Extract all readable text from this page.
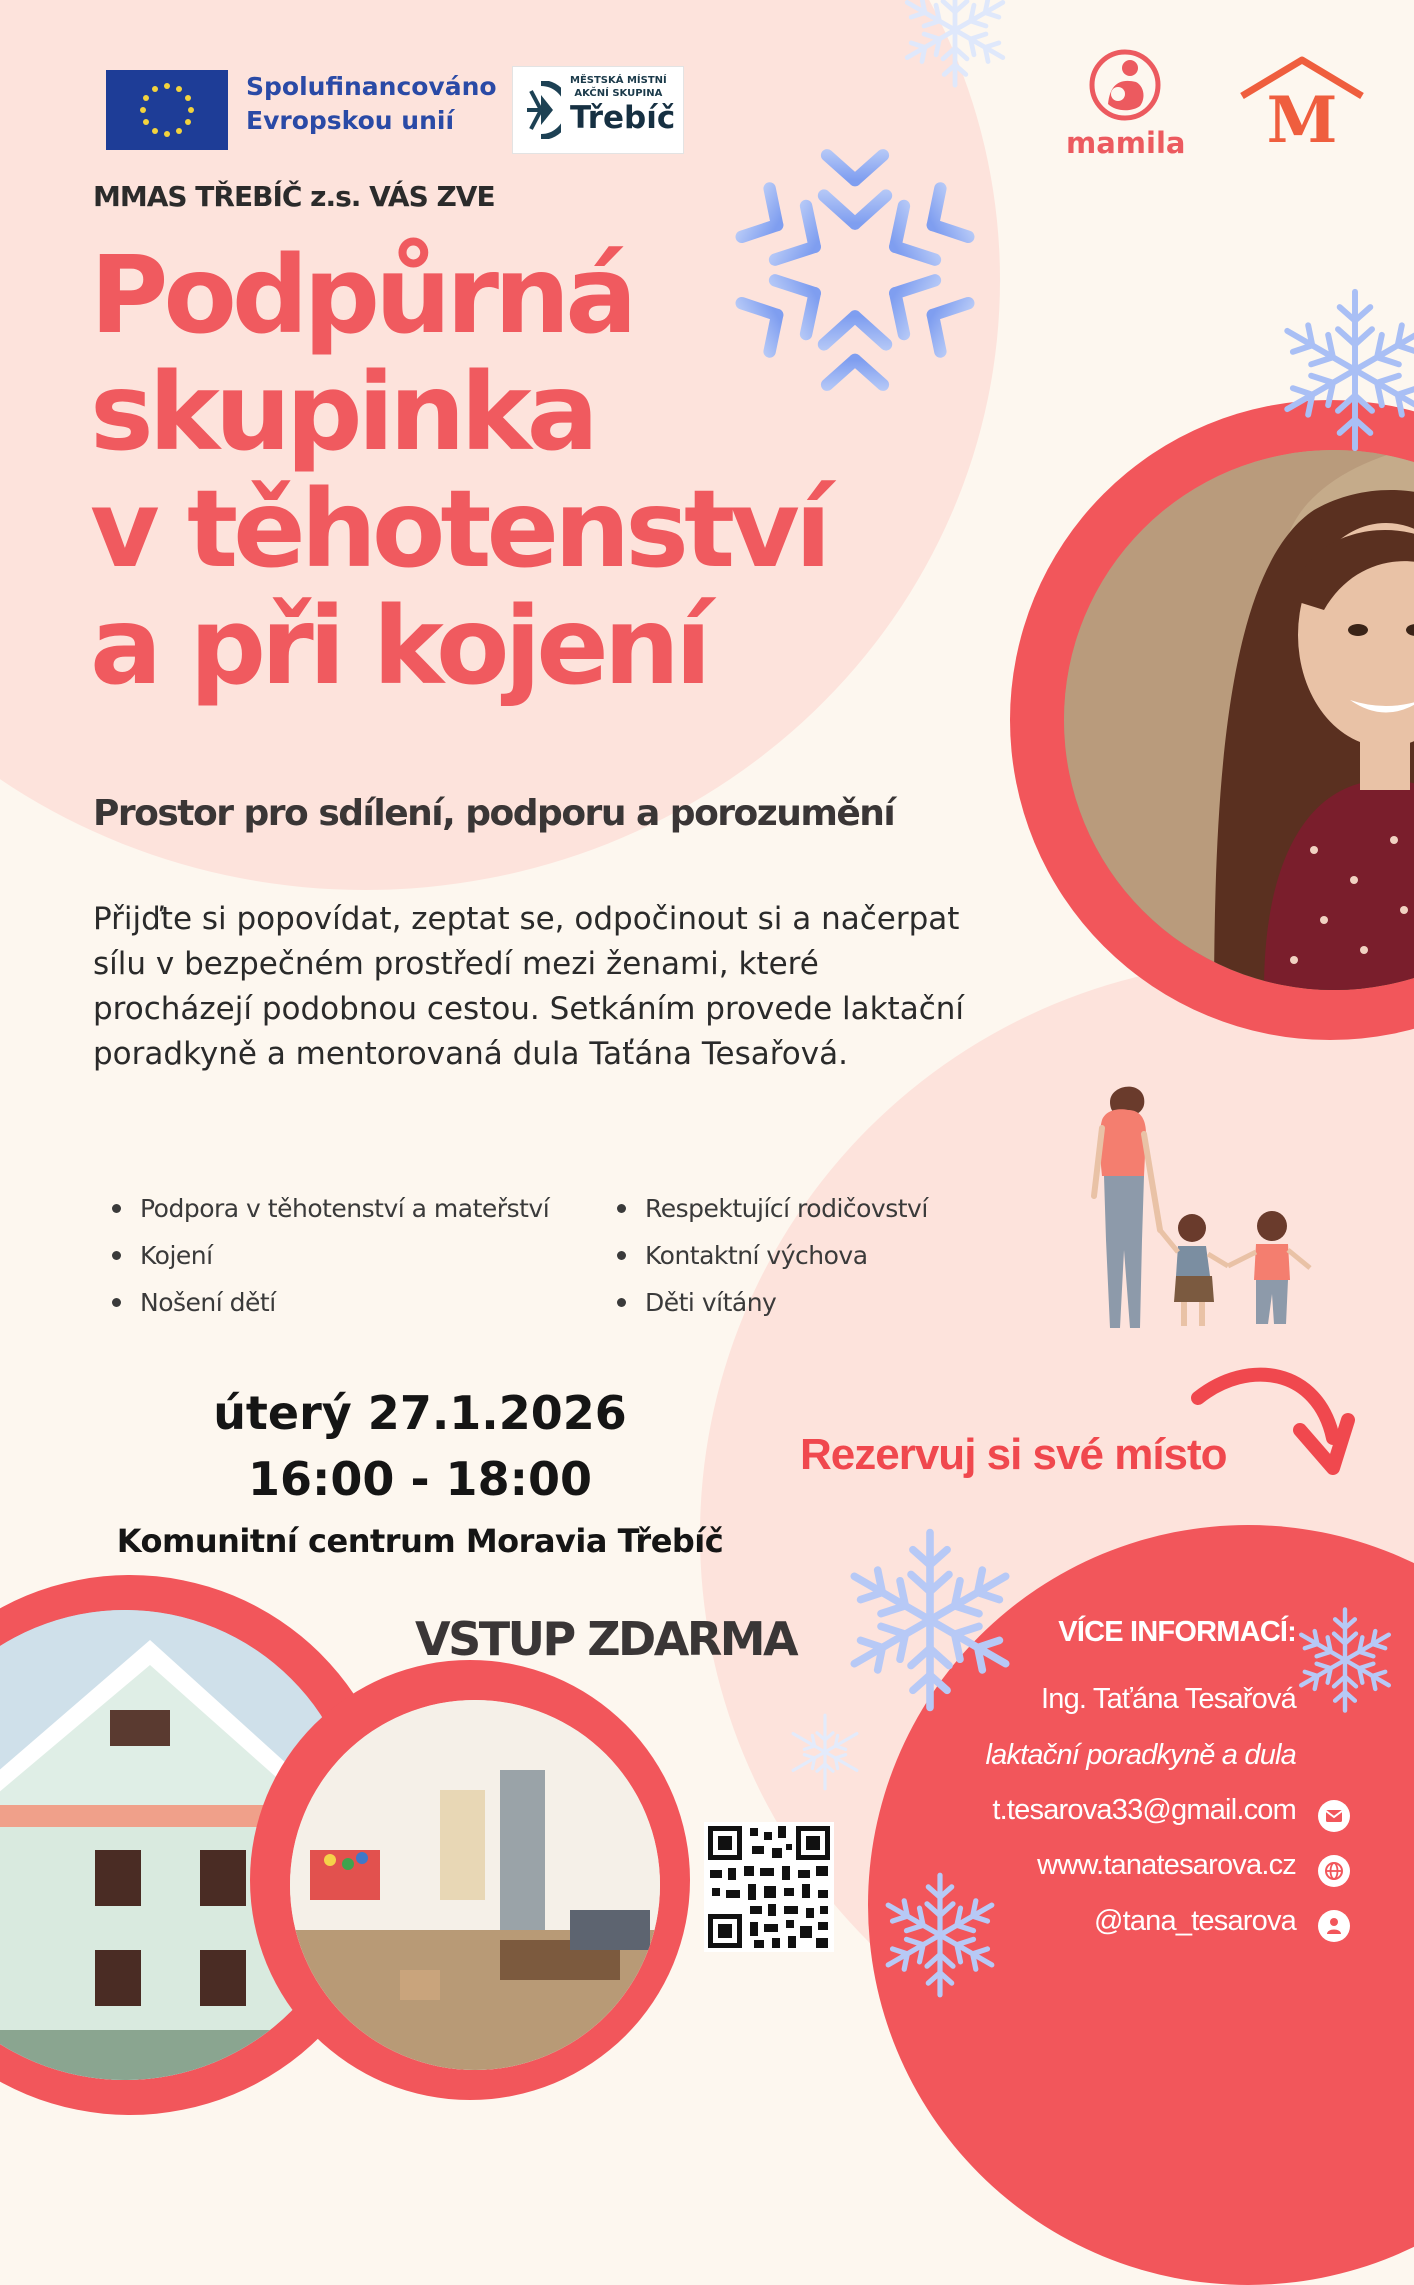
Spolufinancováno
Evropskou unií
MĚSTSKÁ MÍSTNÍ
AKČNÍ SKUPINA
Třebíč
mamila M
MMAS TŘEBÍČ z.s. VÁS ZVE
Podpůrná
skupinka
v těhotenství
a při kojení
Prostor pro sdílení, podporu a porozumění

Přijďte si popovídat, zeptat se, odpočinout si a načerpat sílu v bezpečném prostředí mezi ženami, které procházejí podobnou cestou. Setkáním provede laktační poradkyně a mentorovaná dula Taťána Tesařová.

Podpora v těhotenství a mateřství
Kojení
Nošení dětí
Respektující rodičovství
Kontaktní výchova
Děti vítány
úterý 27.1.2026
16:00 - 18:00
Komunitní centrum Moravia Třebíč
Rezervuj si své místo
VSTUP ZDARMA	VÍCE INFORMACÍ:
Ing. Taťána Tesařová
laktační poradkyně a dula
t.tesarova33@gmail.com
www.tanatesarova.cz
@tana_tesarova
